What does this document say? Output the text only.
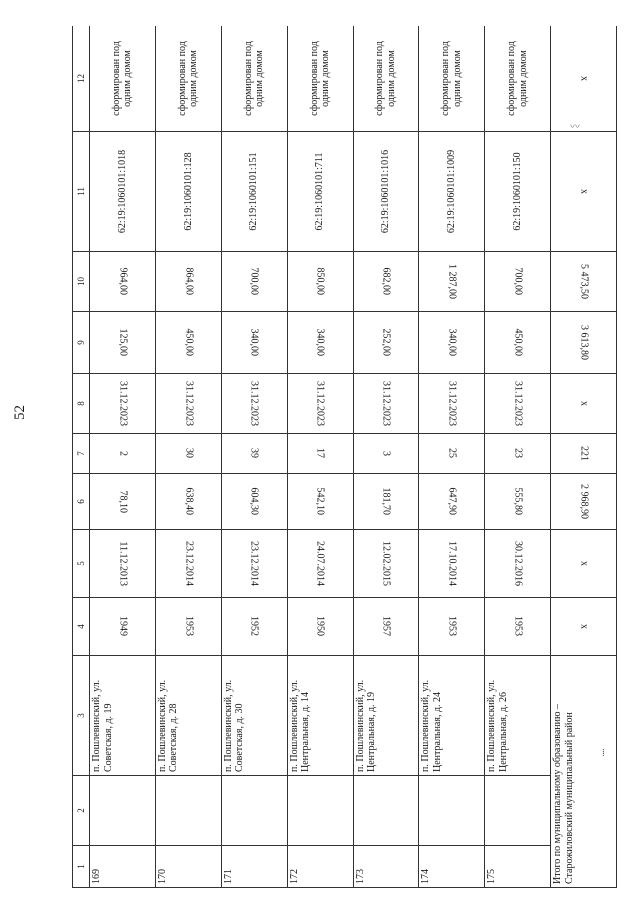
52
1	2	3	4	5	6	7	8	9	10	11	12
169		п. Пошлевинский, ул. Советская, д. 19	1949	11.12.2013	78,10	2	31.12.2023	125,00	964,00	62:19:1060101:1018	сформирован под одним домом
170		п. Пошлевинский, ул. Советская, д. 28	1953	23.12.2014	638,40	30	31.12.2023	450,00	864,00	62:19:1060101:128	сформирован под одним домом
171		п. Пошлевинский, ул. Советская, д. 30	1952	23.12.2014	604,30	39	31.12.2023	340,00	700,00	62:19:1060101:151	сформирован под одним домом
172		п. Пошлевинский, ул. Центральная, д. 14	1950	24.07.2014	542,10	17	31.12.2023	340,00	850,00	62:19:1060101:711	сформирован под одним домом
173		п. Пошлевинский, ул. Центральная, д. 19	1957	12.02.2015	181,70	3	31.12.2023	252,00	682,00	62:19:1060101:1016	сформирован под одним домом
174		п. Пошлевинский, ул. Центральная, д. 24	1953	17.10.2014	647,90	25	31.12.2023	340,00	1 287,00	62:19:1060101:1009	сформирован под одним домом
175		п. Пошлевинский, ул. Центральная, д. 26	1953	30.12.2016	555,80	23	31.12.2023	450,00	700,00	62:19:1060101:150	сформирован под одним домом
Итого по муниципальному образованию – Старожиловский муниципальный район			x	x	2 968,90	221	x	3 613,80	5 473,50	x	x
〰
⁞
